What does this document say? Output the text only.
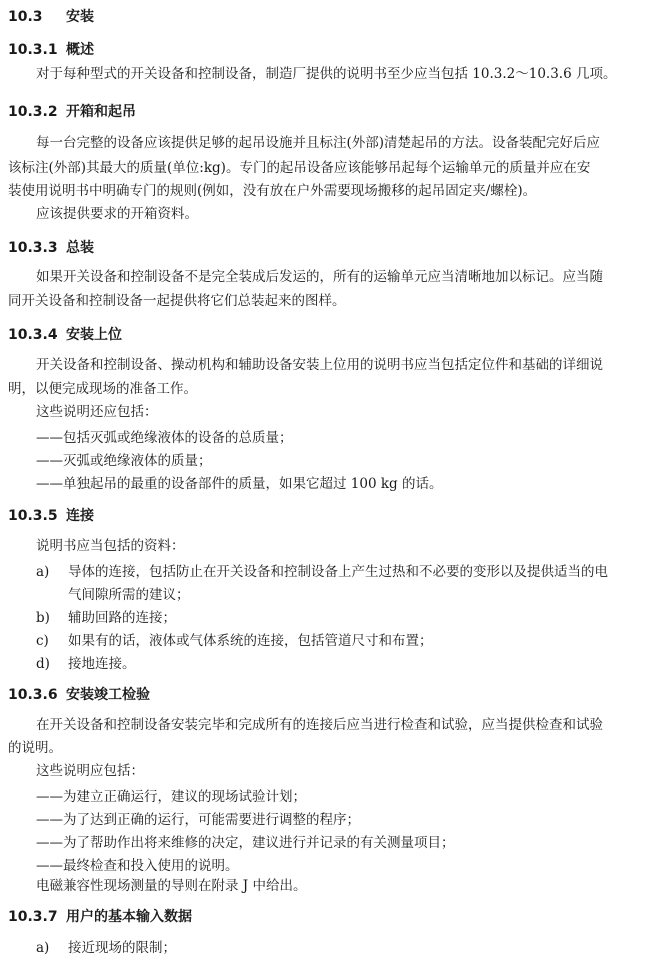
10.3 安装
10.3.1 概述
对于每种型式的开关设备和控制设备，制造厂提供的说明书至少应当包括 10.3.2～10.3.6 几项。
10.3.2 开箱和起吊
每一台完整的设备应该提供足够的起吊设施并且标注(外部)清楚起吊的方法。设备装配完好后应
该标注(外部)其最大的质量(单位:kg)。专门的起吊设备应该能够吊起每个运输单元的质量并应在安
装使用说明书中明确专门的规则(例如，没有放在户外需要现场搬移的起吊固定夹/螺栓)。
应该提供要求的开箱资料。
10.3.3 总装
如果开关设备和控制设备不是完全装成后发运的，所有的运输单元应当清晰地加以标记。应当随
同开关设备和控制设备一起提供将它们总装起来的图样。
10.3.4 安装上位
开关设备和控制设备、操动机构和辅助设备安装上位用的说明书应当包括定位件和基础的详细说
明，以便完成现场的准备工作。
这些说明还应包括：
——包括灭弧或绝缘液体的设备的总质量；
——灭弧或绝缘液体的质量；
——单独起吊的最重的设备部件的质量，如果它超过 100 kg 的话。
10.3.5 连接
说明书应当包括的资料：
a) 导体的连接，包括防止在开关设备和控制设备上产生过热和不必要的变形以及提供适当的电
气间隙所需的建议；
b) 辅助回路的连接；
c) 如果有的话，液体或气体系统的连接，包括管道尺寸和布置；
d) 接地连接。
10.3.6 安装竣工检验
在开关设备和控制设备安装完毕和完成所有的连接后应当进行检查和试验，应当提供检查和试验
的说明。
这些说明应包括：
——为建立正确运行，建议的现场试验计划；
——为了达到正确的运行，可能需要进行调整的程序；
——为了帮助作出将来维修的决定，建议进行并记录的有关测量项目；
——最终检查和投入使用的说明。
电磁兼容性现场测量的导则在附录 J 中给出。
10.3.7 用户的基本输入数据
a) 接近现场的限制；
